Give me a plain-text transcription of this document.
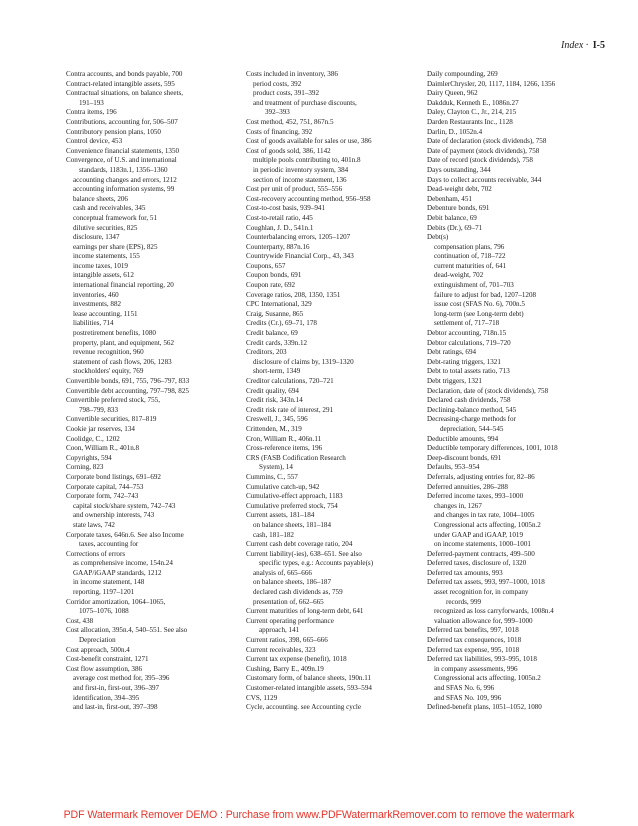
Index · I-5
Contra accounts, and bonds payable, 700
Contract-related intangible assets, 595
Contractual situations, on balance sheets,
191–193
Contra items, 196
Contributions, accounting for, 506–507
Contributory pension plans, 1050
Control device, 453
Convenience financial statements, 1350
Convergence, of U.S. and international
standards, 1183n.1, 1356–1360
accounting changes and errors, 1212
accounting information systems, 99
balance sheets, 206
cash and receivables, 345
conceptual framework for, 51
dilutive securities, 825
disclosure, 1347
earnings per share (EPS), 825
income statements, 155
income taxes, 1019
intangible assets, 612
international financial reporting, 20
inventories, 460
investments, 882
lease accounting, 1151
liabilities, 714
postretirement benefits, 1080
property, plant, and equipment, 562
revenue recognition, 960
statement of cash flows, 206, 1283
stockholders' equity, 769
Convertible bonds, 691, 755, 796–797, 833
Convertible debt accounting, 797–798, 825
Convertible preferred stock, 755,
798–799, 833
Convertible securities, 817–819
Cookie jar reserves, 134
Coolidge, C., 1202
Coon, William R., 401n.8
Copyrights, 594
Corning, 823
Corporate bond listings, 691–692
Corporate capital, 744–753
Corporate form, 742–743
capital stock/share system, 742–743
and ownership interests, 743
state laws, 742
Corporate taxes, 646n.6. See also Income
taxes, accounting for
Corrections of errors
as comprehensive income, 154n.24
GAAP/iGAAP standards, 1212
in income statement, 148
reporting, 1197–1201
Corridor amortization, 1064–1065,
1075–1076, 1088
Cost, 438
Cost allocation, 395n.4, 540–551. See also
Depreciation
Cost approach, 500n.4
Cost-benefit constraint, 1271
Cost flow assumption, 386
average cost method for, 395–396
and first-in, first-out, 396–397
identification, 394–395
and last-in, first-out, 397–398
Costs included in inventory, 386
period costs, 392
product costs, 391–392
and treatment of purchase discounts,
392–393
Cost method, 452, 751, 867n.5
Costs of financing, 392
Cost of goods available for sales or use, 386
Cost of goods sold, 386, 1142
multiple pools contributing to, 401n.8
in periodic inventory system, 384
section of income statement, 136
Cost per unit of product, 555–556
Cost-recovery accounting method, 956–958
Cost-to-cost basis, 939–941
Cost-to-retail ratio, 445
Coughlan, J. D., 541n.1
Counterbalancing errors, 1205–1207
Counterparty, 887n.16
Countrywide Financial Corp., 43, 343
Coupons, 657
Coupon bonds, 691
Coupon rate, 692
Coverage ratios, 208, 1350, 1351
CPC International, 329
Craig, Susanne, 865
Credits (Cr.), 69–71, 178
Credit balance, 69
Credit cards, 339n.12
Creditors, 203
disclosure of claims by, 1319–1320
short-term, 1349
Creditor calculations, 720–721
Credit quality, 694
Credit risk, 343n.14
Credit risk rate of interest, 291
Creswell, J., 345, 596
Crittenden, M., 319
Cron, William R., 406n.11
Cross-reference items, 196
CRS (FASB Codification Research
System), 14
Cummins, C., 557
Cumulative catch-up, 942
Cumulative-effect approach, 1183
Cumulative preferred stock, 754
Current assets, 181–184
on balance sheets, 181–184
cash, 181–182
Current cash debt coverage ratio, 204
Current liability(-ies), 638–651. See also
specific types, e.g.: Accounts payable(s)
analysis of, 665–666
on balance sheets, 186–187
declared cash dividends as, 759
presentation of, 662–665
Current maturities of long-term debt, 641
Current operating performance
approach, 141
Current ratios, 398, 665–666
Current receivables, 323
Current tax expense (benefit), 1018
Cushing, Barry E., 409n.19
Customary form, of balance sheets, 190n.11
Customer-related intangible assets, 593–594
CVS, 1129
Cycle, accounting. see Accounting cycle
Daily compounding, 269
DaimlerChrysler, 20, 1117, 1184, 1266, 1356
Dairy Queen, 962
Dakdduk, Kenneth E., 1086n.27
Daley, Clayton C., Jr., 214, 215
Darden Restaurants Inc., 1128
Darlin, D., 1052n.4
Date of declaration (stock dividends), 758
Date of payment (stock dividends), 758
Date of record (stock dividends), 758
Days outstanding, 344
Days to collect accounts receivable, 344
Dead-weight debt, 702
Debenham, 451
Debenture bonds, 691
Debit balance, 69
Debits (Dr.), 69–71
Debt(s)
compensation plans, 796
continuation of, 718–722
current maturities of, 641
dead-weight, 702
extinguishment of, 701–703
failure to adjust for bad, 1207–1208
issue cost (SFAS No. 6), 700n.5
long-term (see Long-term debt)
settlement of, 717–718
Debtor accounting, 718n.15
Debtor calculations, 719–720
Debt ratings, 694
Debt-rating triggers, 1321
Debt to total assets ratio, 713
Debt triggers, 1321
Declaration, date of (stock dividends), 758
Declared cash dividends, 758
Declining-balance method, 545
Decreasing-charge methods for
depreciation, 544–545
Deductible amounts, 994
Deductible temporary differences, 1001, 1018
Deep-discount bonds, 691
Defaults, 953–954
Deferrals, adjusting entries for, 82–86
Deferred annuities, 286–288
Deferred income taxes, 993–1000
changes in, 1267
and changes in tax rate, 1004–1005
Congressional acts affecting, 1005n.2
under GAAP and iGAAP, 1019
on income statements, 1000–1001
Deferred-payment contracts, 499–500
Deferred taxes, disclosure of, 1320
Deferred tax amounts, 993
Deferred tax assets, 993, 997–1000, 1018
asset recognition for, in company
records, 999
recognized as loss carryforwards, 1008n.4
valuation allowance for, 999–1000
Deferred tax benefits, 997, 1018
Deferred tax consequences, 1018
Deferred tax expense, 995, 1018
Deferred tax liabilities, 993–995, 1018
in company assessments, 996
Congressional acts affecting, 1005n.2
and SFAS No. 6, 996
and SFAS No. 109, 996
Defined-benefit plans, 1051–1052, 1080
PDF Watermark Remover DEMO : Purchase from www.PDFWatermarkRemover.com to remove the watermark
